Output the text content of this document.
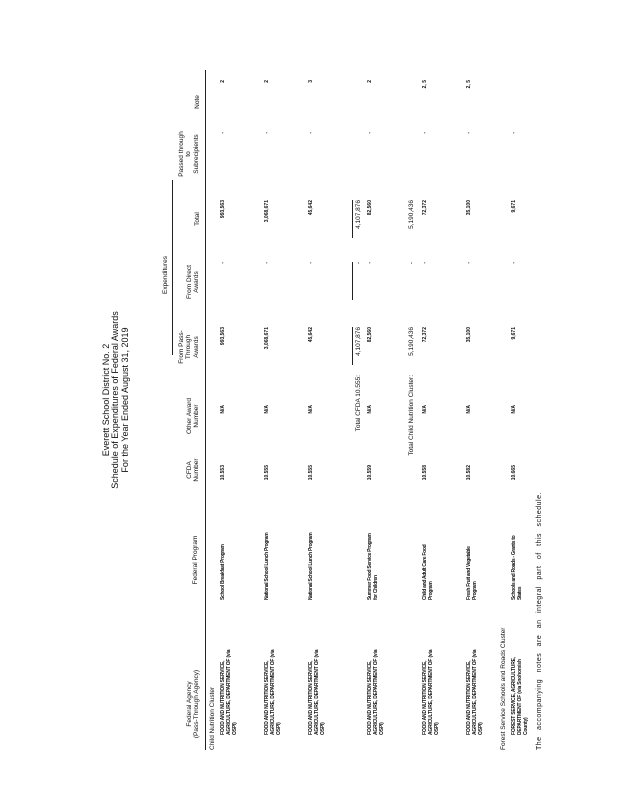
Everett School District No. 2 Schedule of Expenditures of Federal Awards For the Year Ended August 31, 2019
Expenditures
Federal Agency
(Pass-Through Agency)
Federal Program
CFDA
Number
Other Award
Number
From Pass-
Through
Awards
From Direct
Awards
Total
Passed through
to
Subrecipients
Note
Child Nutrition Cluster FOOD AND NUTRITION SERVICE, AGRICULTURE, DEPARTMENT OF (via OSPI)
School Breakfast Program
10.553
N/A
993,563
-
993,563
-
2
FOOD AND NUTRITION SERVICE, AGRICULTURE, DEPARTMENT OF (via OSPI)
National School Lunch Program
10.555
N/A
3,068,671
-
3,068,671
-
2
FOOD AND NUTRITION SERVICE, AGRICULTURE, DEPARTMENT OF (via OSPI)
National School Lunch Program
10.555
N/A
45,642
-
45,642
-
3
Total CFDA 10.555:
4,107,876
-
4,107,876
FOOD AND NUTRITION SERVICE, AGRICULTURE, DEPARTMENT OF (via OSPI)
Summer Food Service Program for Children
10.559
N/A
82,560
-
82,560
-
2
Total Child Nutrition Cluster:
5,190,436
-
5,190,436
FOOD AND NUTRITION SERVICE, AGRICULTURE, DEPARTMENT OF (via OSPI)
Child and Adult Care Food Program
10.558
N/A
72,372
-
72,372
-
2, 5
FOOD AND NUTRITION SERVICE, AGRICULTURE, DEPARTMENT OF (via OSPI)
Fresh Fruit and Vegetable Program
10.582
N/A
35,100
-
35,100
-
2, 5
Forest Service Schools and Roads Cluster FOREST SERVICE, AGRICULTURE, DEPARTMENT OF (via Snohomish County)
Schools and Roads - Grants to States
10.665
N/A
9,671
-
9,671
-
The accompanying notes are an integral part of this schedule.
